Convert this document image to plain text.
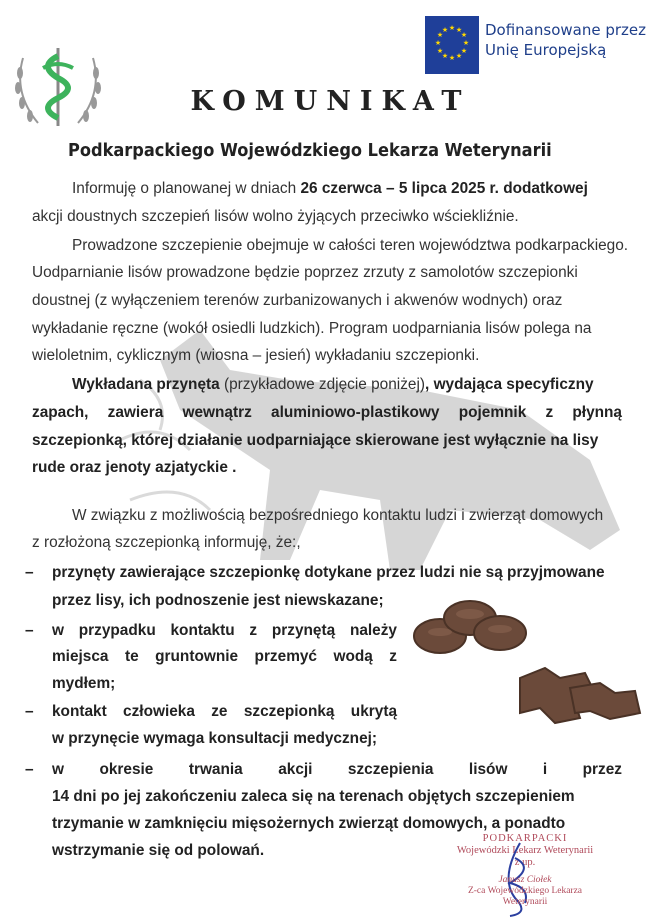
★ ★
★
★
★
★
★
★
★
★
★
★ Dofinansowane przez
Unię Europejską
KOMUNIKAT
Podkarpackiego Wojewódzkiego Lekarza Weterynarii
Informuję o planowanej w dniach 26 czerwca – 5 lipca 2025 r. dodatkowej
akcji doustnych szczepień lisów wolno żyjących przeciwko wściekliźnie.
Prowadzone szczepienie obejmuje w całości teren województwa podkarpackiego.
Uodparnianie lisów prowadzone będzie poprzez zrzuty z samolotów szczepionki
doustnej (z wyłączeniem terenów zurbanizowanych i akwenów wodnych) oraz
wykładanie ręczne (wokół osiedli ludzkich). Program uodparniania lisów polega na
wieloletnim, cyklicznym (wiosna – jesień) wykładaniu szczepionki.
Wykładana przynęta (przykładowe zdjęcie poniżej), wydająca specyficzny
zapach, zawiera wewnątrz aluminiowo-plastikowy pojemnik z płynną
szczepionką, której działanie uodparniające skierowane jest wyłącznie na lisy
rude oraz jenoty azjatyckie .
W związku z możliwością bezpośredniego kontaktu ludzi i zwierząt domowych
z rozłożoną szczepionką informuję, że:,
– przynęty zawierające szczepionkę dotykane przez ludzi nie są przyjmowane
przez lisy, ich podnoszenie jest niewskazane;
– w przypadku kontaktu z przynętą należy
miejsca te gruntownie przemyć wodą z
mydłem;
– kontakt człowieka ze szczepionką ukrytą
w przynęcie wymaga konsultacji medycznej;
– w okresie trwania akcji szczepienia lisów i przez
14 dni po jej zakończeniu zaleca się na terenach objętych szczepieniem
trzymanie w zamknięciu mięsożernych zwierząt domowych, a ponadto
wstrzymanie się od polowań.
PODKARPACKI
Wojewódzki Lekarz Weterynarii
z up.
Janusz Ciołek
Z-ca Wojewódzkiego Lekarza Weterynarii
